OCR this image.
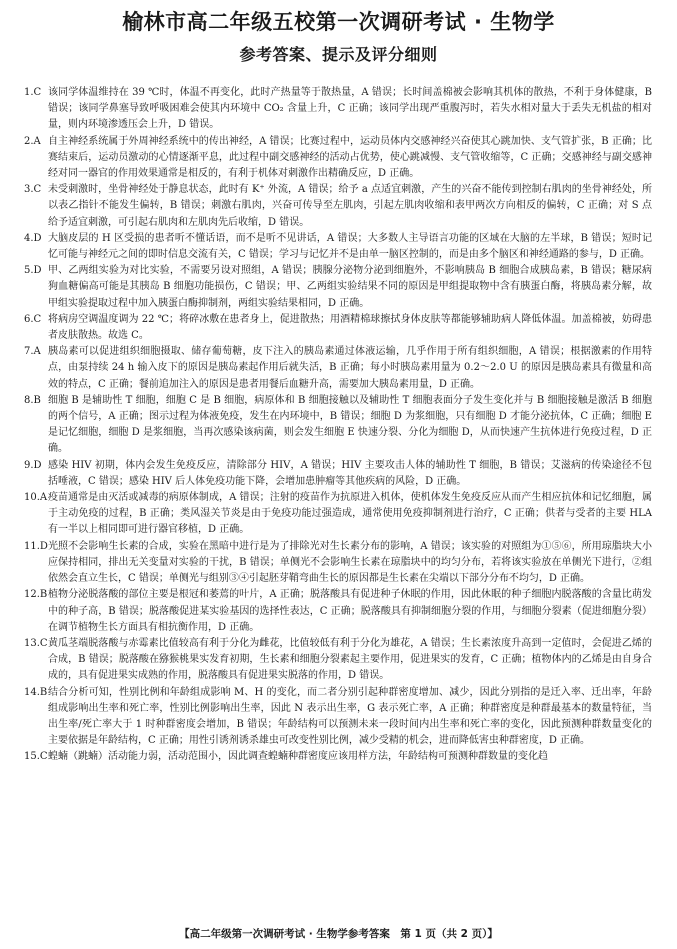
榆林市高二年级五校第一次调研考试 · 生物学
参考答案、提示及评分细则

1.C 该同学体温维持在 39 ℃时，体温不再变化，此时产热量等于散热量，A 错误；长时间盖棉被会影响其机体的散热，不利于身体健康，B 错误；该同学鼻塞导致呼吸困难会使其内环境中 CO₂ 含量上升，C 正确；该同学出现严重腹泻时，若失水相对量大于丢失无机盐的相对量，则内环境渗透压会上升，D 错误。

2.A 自主神经系统属于外周神经系统中的传出神经，A 错误；比赛过程中，运动员体内交感神经兴奋使其心跳加快、支气管扩张，B 正确；比赛结束后，运动员激动的心情逐渐平息，此过程中副交感神经的活动占优势，使心跳减慢、支气管收缩等，C 正确；交感神经与副交感神经对同一器官的作用效果通常是相反的，有利于机体对刺激作出精确反应，D 正确。

3.C 未受刺激时，坐骨神经处于静息状态，此时有 K⁺ 外流，A 错误；给予 a 点适宜刺激，产生的兴奋不能传到控制右肌肉的坐骨神经处，所以表乙指针不能发生偏转，B 错误；刺激右肌肉，兴奋可传导至左肌肉，引起左肌肉收缩和表甲两次方向相反的偏转，C 正确；对 S 点给予适宜刺激，可引起右肌肉和左肌肉先后收缩，D 错误。

4.D 大脑皮层的 H 区受损的患者听不懂话语，而不是听不见讲话，A 错误；大多数人主导语言功能的区域在大脑的左半球，B 错误；短时记忆可能与神经元之间的即时信息交流有关，C 错误；学习与记忆并不是由单一脑区控制的，而是由多个脑区和神经通路的参与，D 正确。

5.D 甲、乙两组实验为对比实验，不需要另设对照组，A 错误；胰腺分泌物分泌到细胞外，不影响胰岛 B 细胞合成胰岛素，B 错误；糖尿病狗血糖偏高可能是其胰岛 B 细胞功能损伤，C 错误；甲、乙两组实验结果不同的原因是甲组提取物中含有胰蛋白酶，将胰岛素分解，故甲组实验提取过程中加入胰蛋白酶抑制剂，两组实验结果相同，D 正确。

6.C 将病房空调温度调为 22 ℃；将碎冰敷在患者身上，促进散热；用酒精棉球擦拭身体皮肤等都能够辅助病人降低体温。加盖棉被，妨碍患者皮肤散热。故选 C。

7.A 胰岛素可以促进组织细胞摄取、储存葡萄糖，皮下注入的胰岛素通过体液运输，几乎作用于所有组织细胞，A 错误；根据激素的作用特点，由泵持续 24 h 输入皮下的原因是胰岛素起作用后就失活，B 正确；每小时胰岛素用量为 0.2～2.0 U 的原因是胰岛素具有微量和高效的特点，C 正确；餐前追加注入的原因是患者用餐后血糖升高，需要加大胰岛素用量，D 正确。

8.B 细胞 B 是辅助性 T 细胞，细胞 C 是 B 细胞，病原体和 B 细胞接触以及辅助性 T 细胞表面分子发生变化并与 B 细胞接触是激活 B 细胞的两个信号，A 正确；图示过程为体液免疫，发生在内环境中，B 错误；细胞 D 为浆细胞，只有细胞 D 才能分泌抗体，C 正确；细胞 E 是记忆细胞，细胞 D 是浆细胞，当再次感染该病菌，则会发生细胞 E 快速分裂、分化为细胞 D，从而快速产生抗体进行免疫过程，D 正确。

9.D 感染 HIV 初期，体内会发生免疫反应，清除部分 HIV，A 错误；HIV 主要攻击人体的辅助性 T 细胞，B 错误；艾滋病的传染途径不包括唾液，C 错误；感染 HIV 后人体免疫功能下降，会增加患肿瘤等其他疾病的风险，D 正确。

10.A 疫苗通常是由灭活或减毒的病原体制成，A 错误；注射的疫苗作为抗原进入机体，使机体发生免疫反应从而产生相应抗体和记忆细胞，属于主动免疫的过程，B 正确；类风湿关节炎是由于免疫功能过强造成，通常使用免疫抑制剂进行治疗，C 正确；供者与受者的主要 HLA 有一半以上相同即可进行器官移植，D 正确。

11.D 光照不会影响生长素的合成，实验在黑暗中进行是为了排除光对生长素分布的影响，A 错误；该实验的对照组为①⑤⑥，所用琼脂块大小应保持相同，排出无关变量对实验的干扰，B 错误；单侧光不会影响生长素在琼脂块中的均匀分布，若将该实验放在单侧光下进行，②组依然会直立生长，C 错误；单侧光与组别③④引起胚芽鞘弯曲生长的原因都是生长素在尖端以下部分分布不均匀，D 正确。

12.B 植物分泌脱落酸的部位主要是根冠和萎蔫的叶片，A 正确；脱落酸具有促进种子休眠的作用，因此休眠的种子细胞内脱落酸的含量比萌发中的种子高，B 错误；脱落酸促进某实验基因的选择性表达，C 正确；脱落酸具有抑制细胞分裂的作用，与细胞分裂素（促进细胞分裂）在调节植物生长方面具有相抗衡作用，D 正确。

13.C 黄瓜茎端脱落酸与赤霉素比值较高有利于分化为雌花，比值较低有利于分化为雄花，A 错误；生长素浓度升高到一定值时，会促进乙烯的合成，B 错误；脱落酸在猕猴桃果实发育初期，生长素和细胞分裂素起主要作用，促进果实的发育，C 正确；植物体内的乙烯是由自身合成的，具有促进果实成熟的作用，脱落酸具有促进果实脱落的作用，D 错误。

14.B 结合分析可知，性别比例和年龄组成影响 M、H 的变化，而二者分别引起种群密度增加、减少，因此分别指的是迁入率、迁出率，年龄组成影响出生率和死亡率，性别比例影响出生率，因此 N 表示出生率，G 表示死亡率，A 正确；种群密度是种群最基本的数量特征，当出生率/死亡率大于 1 时种群密度会增加，B 错误；年龄结构可以预测未来一段时间内出生率和死亡率的变化，因此预测种群数量变化的主要依据是年龄结构，C 正确；用性引诱剂诱杀雄虫可改变性别比例，减少受精的机会，进而降低害虫种群密度，D 正确。

15.C 蝗蝻（跳蝻）活动能力弱，活动范围小，因此调查蝗蝻种群密度应该用样方法，年龄结构可预测种群数量的变化趋

【高二年级第一次调研考试 · 生物学参考答案　第 1 页（共 2 页）】
